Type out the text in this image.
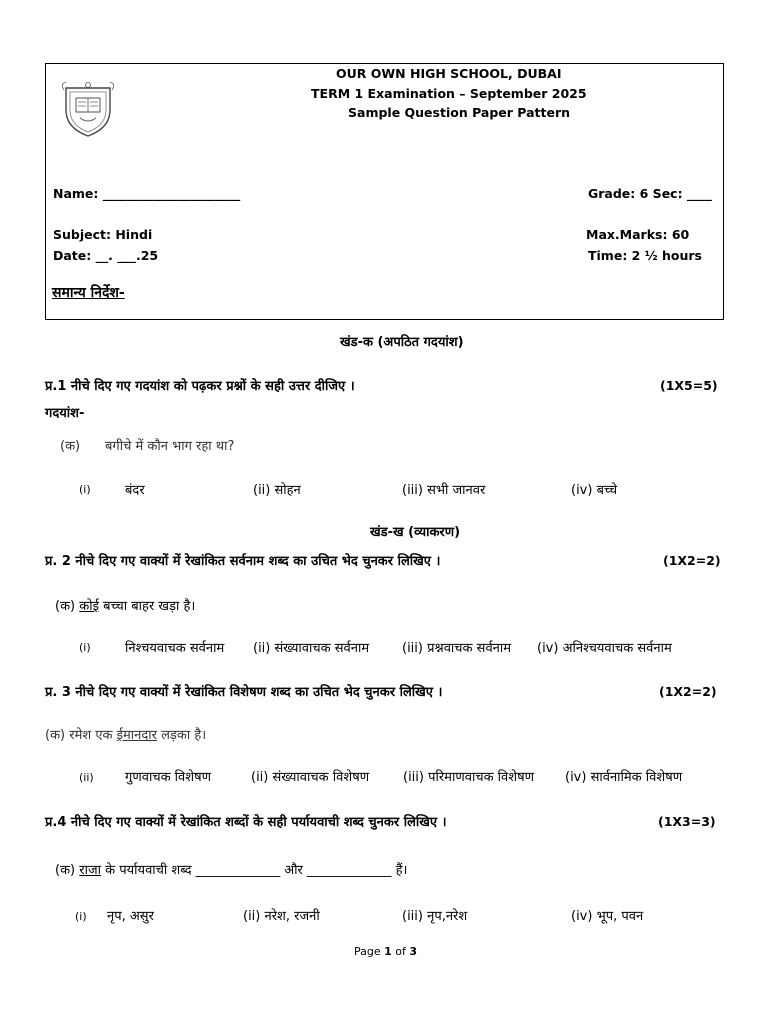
OUR OWN HIGH SCHOOL, DUBAI
TERM 1 Examination – September 2025
Sample Question Paper Pattern
Name: ______________________	Grade: 6 Sec: ____
Subject: Hindi	Max.Marks: 60
Date: __. ___.25	Time: 2 ½ hours
समान्य निर्देश-
खंड-क (अपठित गदयांश)
प्र.1 नीचे दिए गए गदयांश को पढ़कर प्रश्नों के सही उत्तर दीजिए ।	(1X5=5)
गदयांश-
(क) बगीचे में कौन भाग रहा था?
(i)	बंदर	(ii) सोहन	(iii) सभी जानवर	(iv) बच्चे
खंड-ख (व्याकरण)
प्र. 2 नीचे दिए गए वाक्यों में रेखांकित सर्वनाम शब्द का उचित भेद चुनकर लिखिए ।	(1X2=2)
(क) कोई बच्चा बाहर खड़ा है।
(i)	निश्चयवाचक सर्वनाम (ii) संख्यावाचक सर्वनाम	(iii) प्रश्नवाचक सर्वनाम (iv) अनिश्चयवाचक सर्वनाम
प्र. 3 नीचे दिए गए वाक्यों में रेखांकित विशेषण शब्द का उचित भेद चुनकर लिखिए ।	(1X2=2)
(क) रमेश एक ईमानदार लड़का है।
(ii) गुणवाचक विशेषण	(ii) संख्यावाचक विशेषण	(iii) परिमाणवाचक विशेषण (iv) सार्वनामिक विशेषण
प्र.4 नीचे दिए गए वाक्यों में रेखांकित शब्दों के सही पर्यायवाची शब्द चुनकर लिखिए ।	(1X3=3)
(क) राजा के पर्यायवाची शब्द _____________ और _____________ हैं।
(i) नृप, असुर	(ii) नरेश, रजनी	(iii) नृप,नरेश	(iv) भूप, पवन
Page 1 of 3
